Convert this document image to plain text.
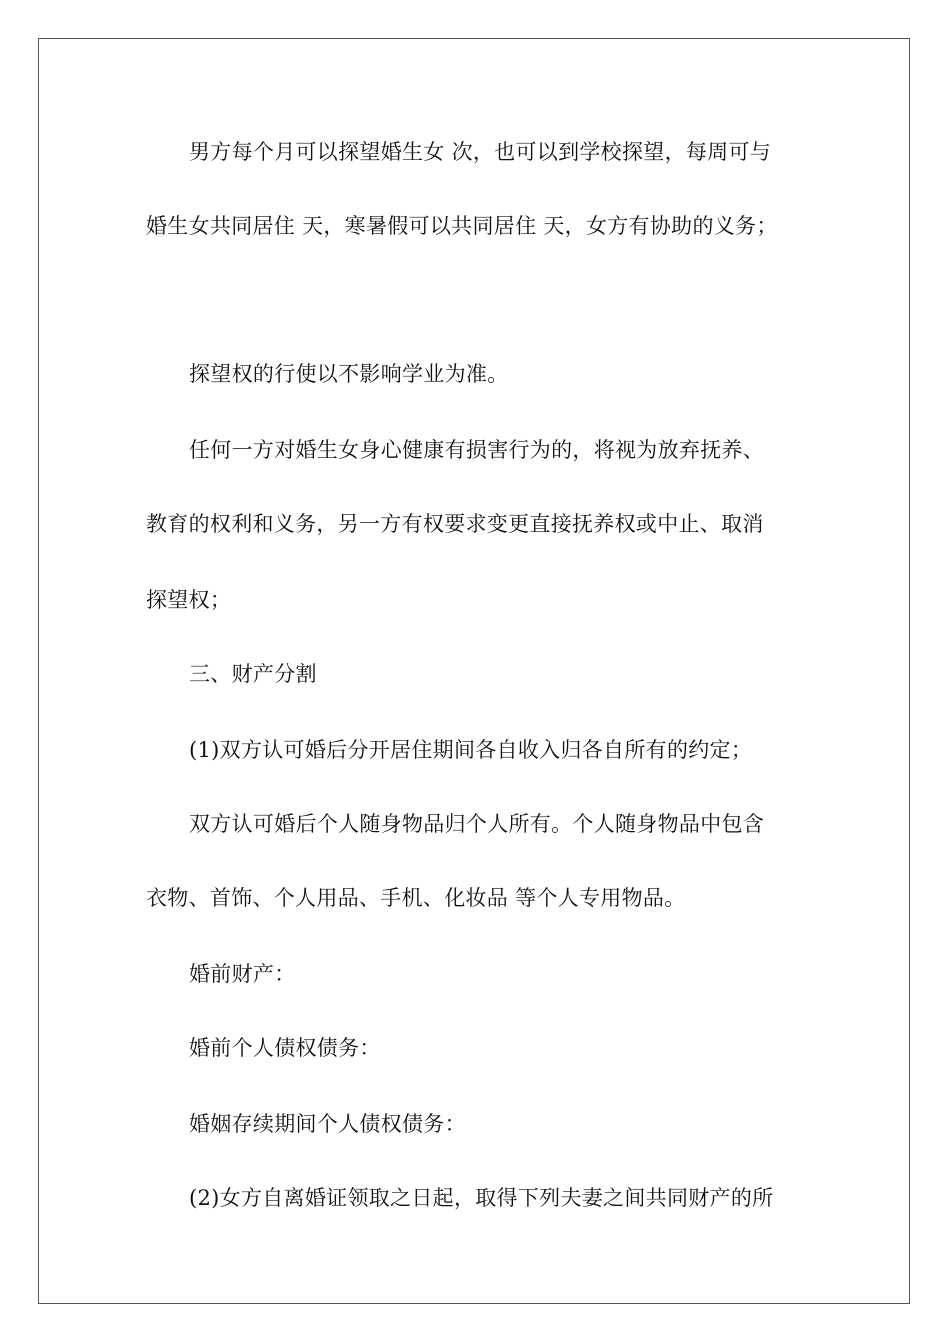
男方每个月可以探望婚生女 次，也可以到学校探望，每周可与
婚生女共同居住 天，寒暑假可以共同居住 天，女方有协助的义务；
探望权的行使以不影响学业为准。
任何一方对婚生女身心健康有损害行为的，将视为放弃抚养、
教育的权利和义务，另一方有权要求变更直接抚养权或中止、取消
探望权；
三、财产分割
(1)双方认可婚后分开居住期间各自收入归各自所有的约定；
双方认可婚后个人随身物品归个人所有。个人随身物品中包含
衣物、首饰、个人用品、手机、化妆品 等个人专用物品。
婚前财产：
婚前个人债权债务：
婚姻存续期间个人债权债务：
(2)女方自离婚证领取之日起，取得下列夫妻之间共同财产的所
